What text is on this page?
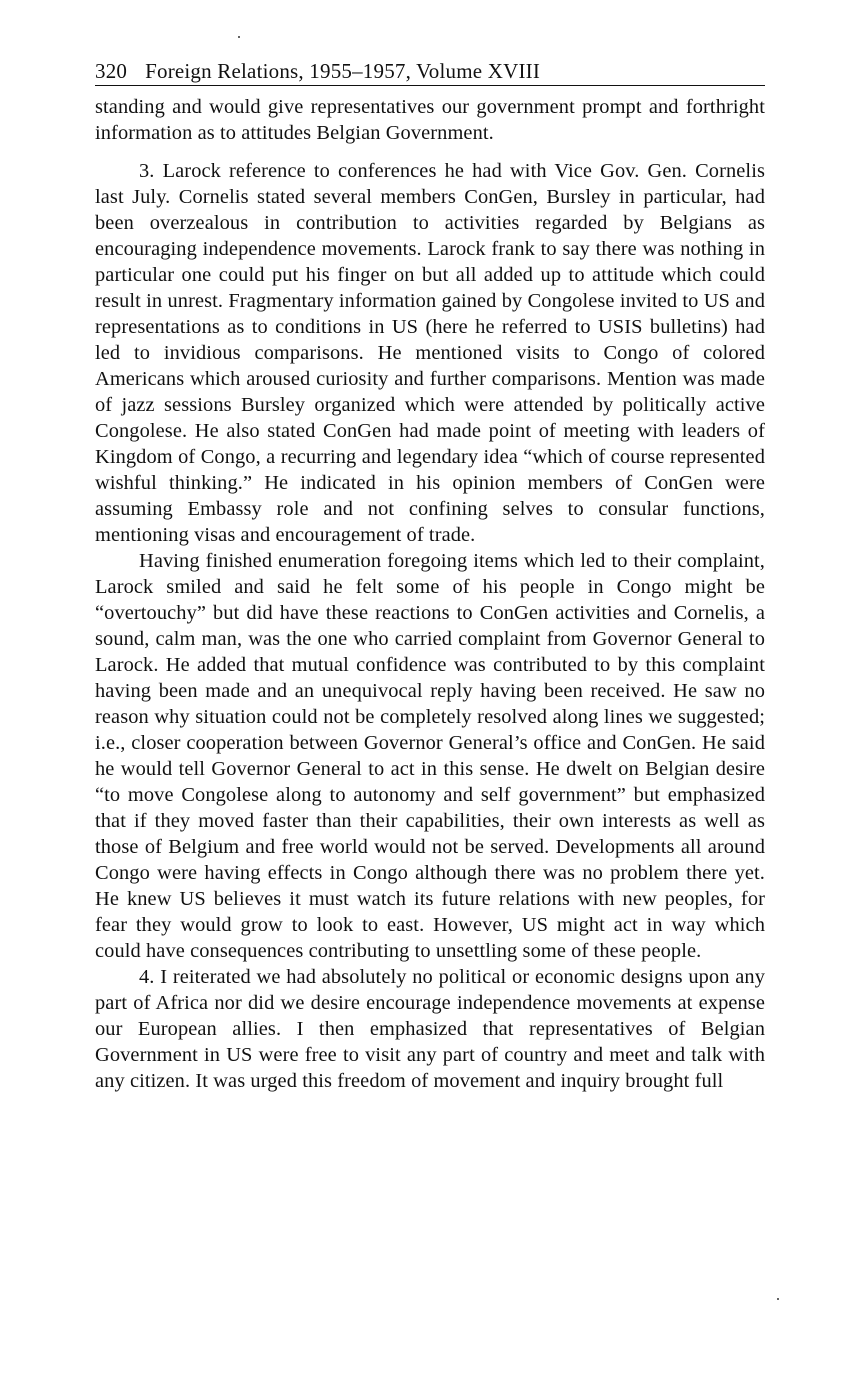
320 Foreign Relations, 1955–1957, Volume XVIII

standing and would give representatives our government prompt and forthright information as to attitudes Belgian Government.

3. Larock reference to conferences he had with Vice Gov. Gen. Cornelis last July. Cornelis stated several members ConGen, Bursley in particular, had been overzealous in contribution to activities regarded by Belgians as encouraging independence movements. Larock frank to say there was nothing in particular one could put his finger on but all added up to attitude which could result in unrest. Fragmentary information gained by Congolese invited to US and representations as to conditions in US (here he referred to USIS bulletins) had led to invidious comparisons. He mentioned visits to Congo of colored Americans which aroused curiosity and further comparisons. Mention was made of jazz sessions Bursley organized which were attended by politically active Congolese. He also stated ConGen had made point of meeting with leaders of Kingdom of Congo, a recurring and legendary idea “which of course represented wishful thinking.” He indicated in his opinion members of ConGen were assuming Embassy role and not confining selves to consular functions, mentioning visas and encouragement of trade.

Having finished enumeration foregoing items which led to their complaint, Larock smiled and said he felt some of his people in Congo might be “overtouchy” but did have these reactions to ConGen activities and Cornelis, a sound, calm man, was the one who carried complaint from Governor General to Larock. He added that mutual confidence was contributed to by this complaint having been made and an unequivocal reply having been received. He saw no reason why situation could not be completely resolved along lines we suggested; i.e., closer cooperation between Governor General’s office and ConGen. He said he would tell Governor General to act in this sense. He dwelt on Belgian desire “to move Congolese along to autonomy and self government” but emphasized that if they moved faster than their capabilities, their own interests as well as those of Belgium and free world would not be served. Developments all around Congo were having effects in Congo although there was no problem there yet. He knew US believes it must watch its future relations with new peoples, for fear they would grow to look to east. However, US might act in way which could have consequences contributing to unsettling some of these people.

4. I reiterated we had absolutely no political or economic designs upon any part of Africa nor did we desire encourage independence movements at expense our European allies. I then emphasized that representatives of Belgian Government in US were free to visit any part of country and meet and talk with any citizen. It was urged this freedom of movement and inquiry brought full
